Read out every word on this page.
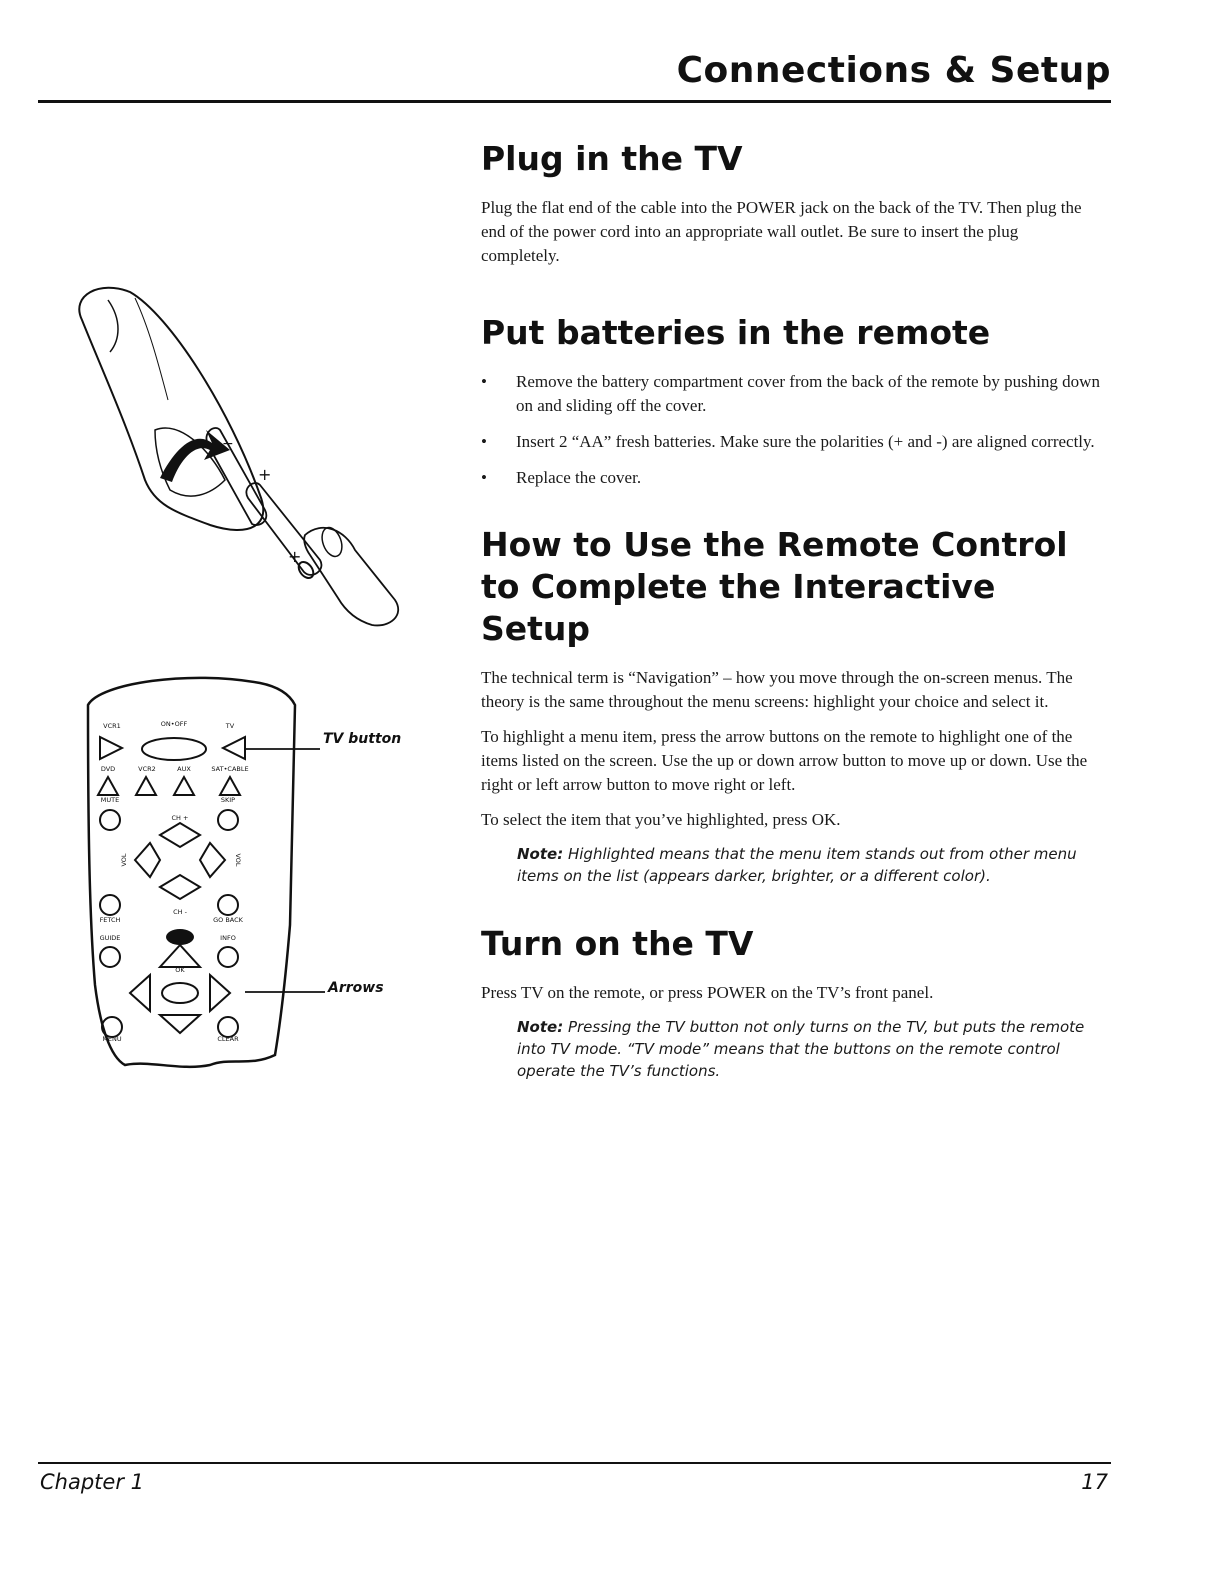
Connections & Setup
+
+
−
VCR1	ON•OFF	TV
DVD	VCR2	AUX	SAT•CABLE
MUTE	SKIP
CH +
CH -
FETCH	GO BACK
GUIDE	INFO
OK
MENU	CLEAR
VOL	VOL
TV button
Arrows
Plug in the TV

Plug the flat end of the cable into the POWER jack on the back of the TV. Then plug the end of the power cord into an appropriate wall outlet. Be sure to insert the plug completely.

Put batteries in the remote
• Remove the battery compartment cover from the back of the remote by pushing down on and sliding off the cover.
• Insert 2 “AA” fresh batteries. Make sure the polarities (+ and -) are aligned correctly.
• Replace the cover.
How to Use the Remote Control to Complete the Interactive Setup

The technical term is “Navigation” – how you move through the on-screen menus. The theory is the same throughout the menu screens: highlight your choice and select it.

To highlight a menu item, press the arrow buttons on the remote to highlight one of the items listed on the screen. Use the up or down arrow button to move up or down. Use the right or left arrow button to move right or left.

To select the item that you’ve highlighted, press OK.

Note: Highlighted means that the menu item stands out from other menu items on the list (appears darker, brighter, or a different color).
Turn on the TV

Press TV on the remote, or press POWER on the TV’s front panel.

Note: Pressing the TV button not only turns on the TV, but puts the remote into TV mode. “TV mode” means that the buttons on the remote control operate the TV’s functions.
Chapter 1	17
